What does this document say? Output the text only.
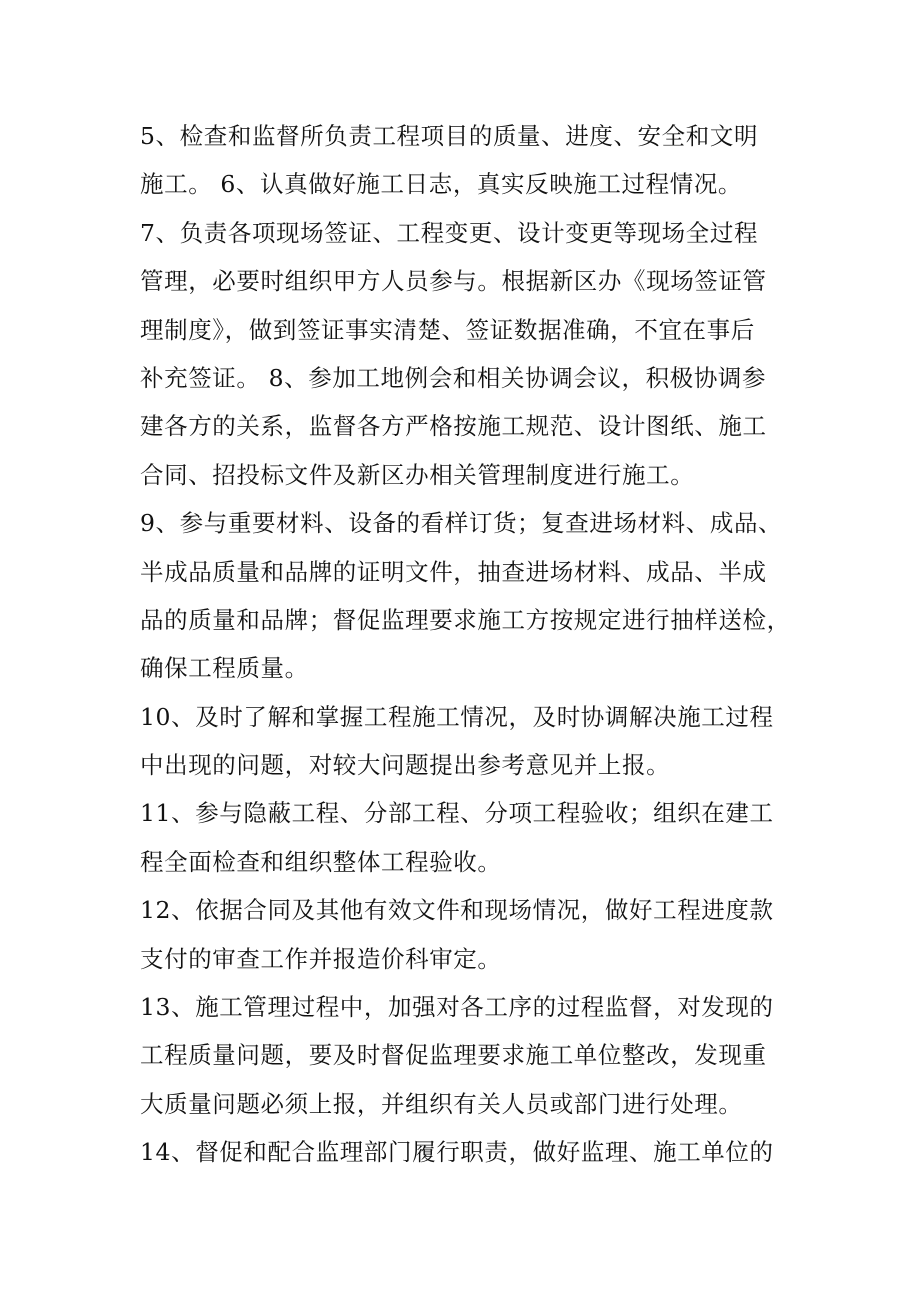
5、检查和监督所负责工程项目的质量、进度、安全和文明
施工。 6、认真做好施工日志，真实反映施工过程情况。
7、负责各项现场签证、工程变更、设计变更等现场全过程
管理，必要时组织甲方人员参与。根据新区办《现场签证管
理制度》，做到签证事实清楚、签证数据准确，不宜在事后
补充签证。 8、参加工地例会和相关协调会议，积极协调参
建各方的关系，监督各方严格按施工规范、设计图纸、施工
合同、招投标文件及新区办相关管理制度进行施工。
9、参与重要材料、设备的看样订货；复查进场材料、成品、
半成品质量和品牌的证明文件，抽查进场材料、成品、半成
品的质量和品牌；督促监理要求施工方按规定进行抽样送检，
确保工程质量。
10、及时了解和掌握工程施工情况，及时协调解决施工过程
中出现的问题，对较大问题提出参考意见并上报。
11、参与隐蔽工程、分部工程、分项工程验收；组织在建工
程全面检查和组织整体工程验收。
12、依据合同及其他有效文件和现场情况，做好工程进度款
支付的审查工作并报造价科审定。
13、施工管理过程中，加强对各工序的过程监督，对发现的
工程质量问题，要及时督促监理要求施工单位整改，发现重
大质量问题必须上报，并组织有关人员或部门进行处理。
14、督促和配合监理部门履行职责，做好监理、施工单位的
